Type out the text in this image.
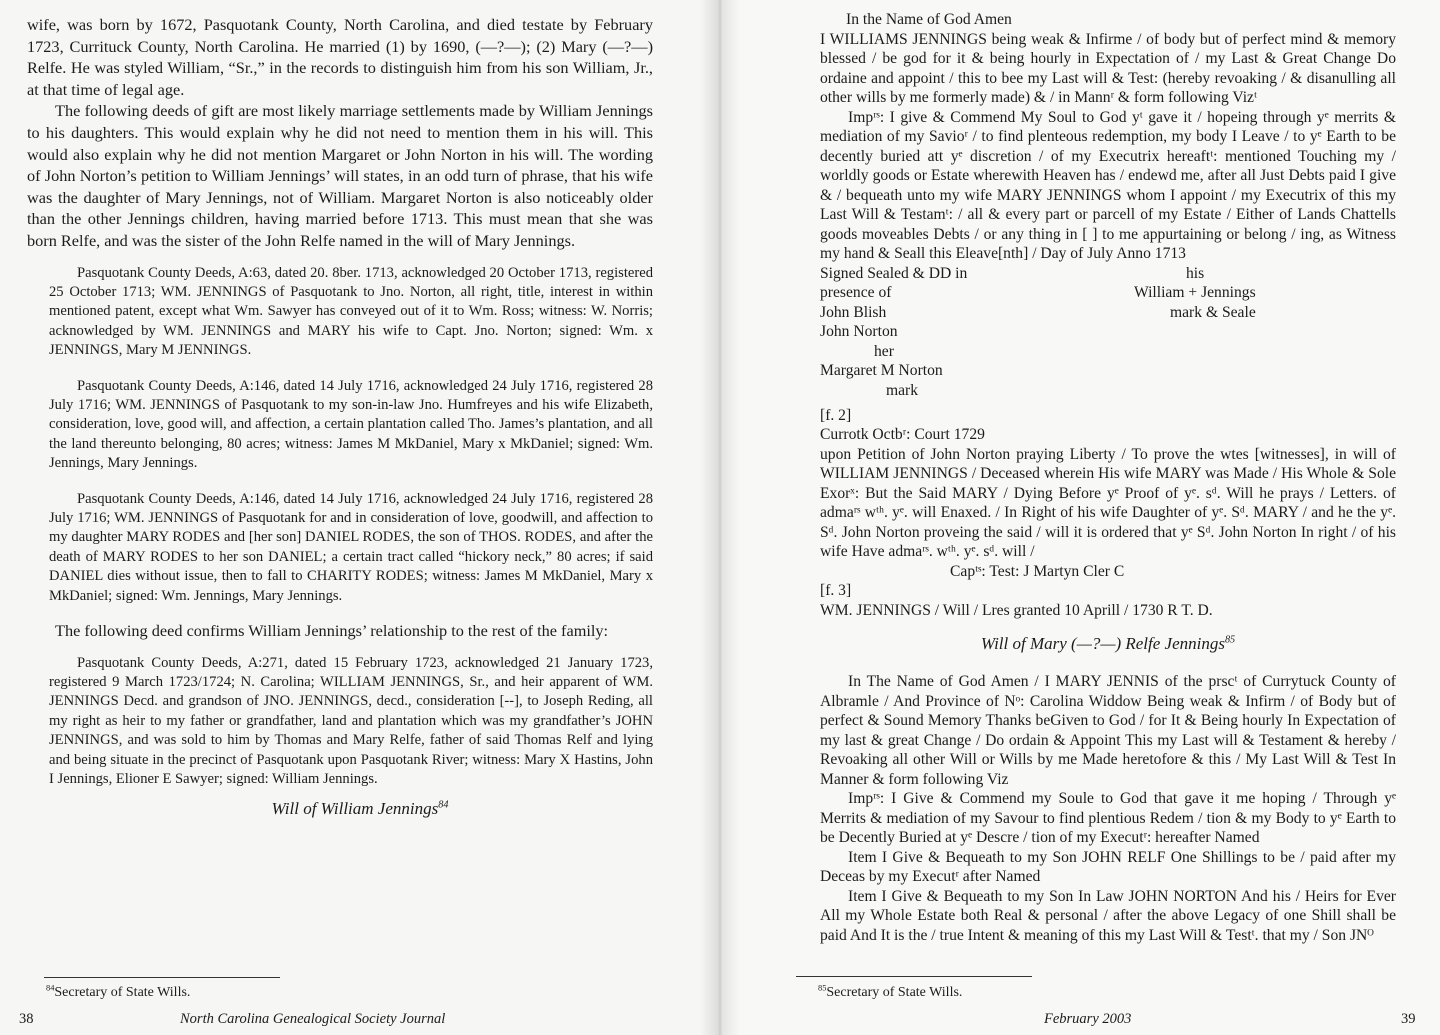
wife, was born by 1672, Pasquotank County, North Carolina, and died testate by February 1723, Currituck County, North Carolina. He married (1) by 1690, (—?—); (2) Mary (—?—) Relfe. He was styled William, “Sr.,” in the records to distinguish him from his son William, Jr., at that time of legal age.

The following deeds of gift are most likely marriage settlements made by William Jennings to his daughters. This would explain why he did not need to mention them in his will. This would also explain why he did not mention Margaret or John Norton in his will. The wording of John Norton’s petition to William Jennings’ will states, in an odd turn of phrase, that his wife was the daughter of Mary Jennings, not of William. Margaret Norton is also noticeably older than the other Jennings children, having married before 1713. This must mean that she was born Relfe, and was the sister of the John Relfe named in the will of Mary Jennings.

Pasquotank County Deeds, A:63, dated 20. 8ber. 1713, acknowledged 20 October 1713, registered 25 October 1713; WM. JENNINGS of Pasquotank to Jno. Norton, all right, title, interest in within mentioned patent, except what Wm. Sawyer has conveyed out of it to Wm. Ross; witness: W. Norris; acknowledged by WM. JENNINGS and MARY his wife to Capt. Jno. Norton; signed: Wm. x JENNINGS, Mary M JENNINGS.

Pasquotank County Deeds, A:146, dated 14 July 1716, acknowledged 24 July 1716, registered 28 July 1716; WM. JENNINGS of Pasquotank to my son-in-law Jno. Humfreyes and his wife Elizabeth, consideration, love, good will, and affection, a certain plantation called Tho. James’s plantation, and all the land thereunto belonging, 80 acres; witness: James M MkDaniel, Mary x MkDaniel; signed: Wm. Jennings, Mary Jennings.

Pasquotank County Deeds, A:146, dated 14 July 1716, acknowledged 24 July 1716, registered 28 July 1716; WM. JENNINGS of Pasquotank for and in consideration of love, goodwill, and affection to my daughter MARY RODES and [her son] DANIEL RODES, the son of THOS. RODES, and after the death of MARY RODES to her son DANIEL; a certain tract called “hickory neck,” 80 acres; if said DANIEL dies without issue, then to fall to CHARITY RODES; witness: James M MkDaniel, Mary x MkDaniel; signed: Wm. Jennings, Mary Jennings.

The following deed confirms William Jennings’ relationship to the rest of the family:

Pasquotank County Deeds, A:271, dated 15 February 1723, acknowledged 21 January 1723, registered 9 March 1723/1724; N. Carolina; WILLIAM JENNINGS, Sr., and heir apparent of WM. JENNINGS Decd. and grandson of JNO. JENNINGS, decd., consideration [--], to Joseph Reding, all my right as heir to my father or grandfather, land and plantation which was my grandfather’s JOHN JENNINGS, and was sold to him by Thomas and Mary Relfe, father of said Thomas Relf and lying and being situate in the precinct of Pasquotank upon Pasquotank River; witness: Mary X Hastins, John I Jennings, Elioner E Sawyer; signed: William Jennings.

Will of William Jennings$^{84}$

$^{84}$Secretary of State Wills.
38	North Carolina Genealogical Society Journal

In the Name of God Amen

I WILLIAMS JENNINGS being weak & Infirme / of body but of perfect mind & memory blessed / be god for it & being hourly in Expectation of / my Last & Great Change Do ordaine and appoint / this to bee my Last will & Test: (hereby revoaking / & disanulling all other wills by me formerly made) & / in Mannʳ & form following Vizᵗ

Impʳˢ: I give & Commend My Soul to God yᵗ gave it / hopeing through yᵉ merrits & mediation of my Savioʳ / to find plenteous redemption, my body I Leave / to yᵉ Earth to be decently buried att yᵉ discretion / of my Executrix hereaftᵗ: mentioned Touching my / worldly goods or Estate wherewith Heaven has / endewd me, after all Just Debts paid I give & / bequeath unto my wife MARY JENNINGS whom I appoint / my Executrix of this my Last Will & Testamᵗ: / all & every part or parcell of my Estate / Either of Lands Chattells goods moveables Debts / or any thing in [ ] to me appurtaining or belong / ing, as Witness my hand & Seall this Eleave[nth] / Day of July Anno 1713

Signed Sealed & DD in
presence of
John Blish
John Norton
her
Margaret M Norton
mark
his
William + Jennings
mark & Seale

[f. 2]

Currotk Octbʳ: Court 1729

upon Petition of John Norton praying Liberty / To prove the wtes [witnesses], in will of WILLIAM JENNINGS / Deceased wherein His wife MARY was Made / His Whole & Sole Exorˣ: But the Said MARY / Dying Before yᵉ Proof of yᵉ. sᵈ. Will he prays / Letters. of admaʳˢ wᵗʰ. yᵉ. will Enaxed. / In Right of his wife Daughter of yᵉ. Sᵈ. MARY / and he the yᵉ. Sᵈ. John Norton proveing the said / will it is ordered that yᵉ Sᵈ. John Norton In right / of his wife Have admaʳˢ. wᵗʰ. yᵉ. sᵈ. will /

Capᵗˢ: Test: J Martyn Cler C

[f. 3]

WM. JENNINGS / Will / Lres granted 10 Aprill / 1730 R T. D.

Will of Mary (—?—) Relfe Jennings$^{85}$

In The Name of God Amen / I MARY JENNIS of the prscᵗ of Currytuck County of Albramle / And Province of Nᵒ: Carolina Widdow Being weak & Infirm / of Body but of perfect & Sound Memory Thanks beGiven to God / for It & Being hourly In Expectation of my last & great Change / Do ordain & Appoint This my Last will & Testament & hereby / Revoaking all other Will or Wills by me Made heretofore & this / My Last Will & Test In Manner & form following Viz

Impʳˢ: I Give & Commend my Soule to God that gave it me hoping / Through yᵉ Merrits & mediation of my Savour to find plentious Redem / tion & my Body to yᵉ Earth to be Decently Buried at yᵉ Descre / tion of my Executʳ: hereafter Named

Item I Give & Bequeath to my Son JOHN RELF One Shillings to be / paid after my Deceas by my Executʳ after Named

Item I Give & Bequeath to my Son In Law JOHN NORTON And his / Heirs for Ever All my Whole Estate both Real & personal / after the above Legacy of one Shill shall be paid And It is the / true Intent & meaning of this my Last Will & Testᵗ. that my / Son JNᴼ

$^{85}$Secretary of State Wills.
February 2003	39
